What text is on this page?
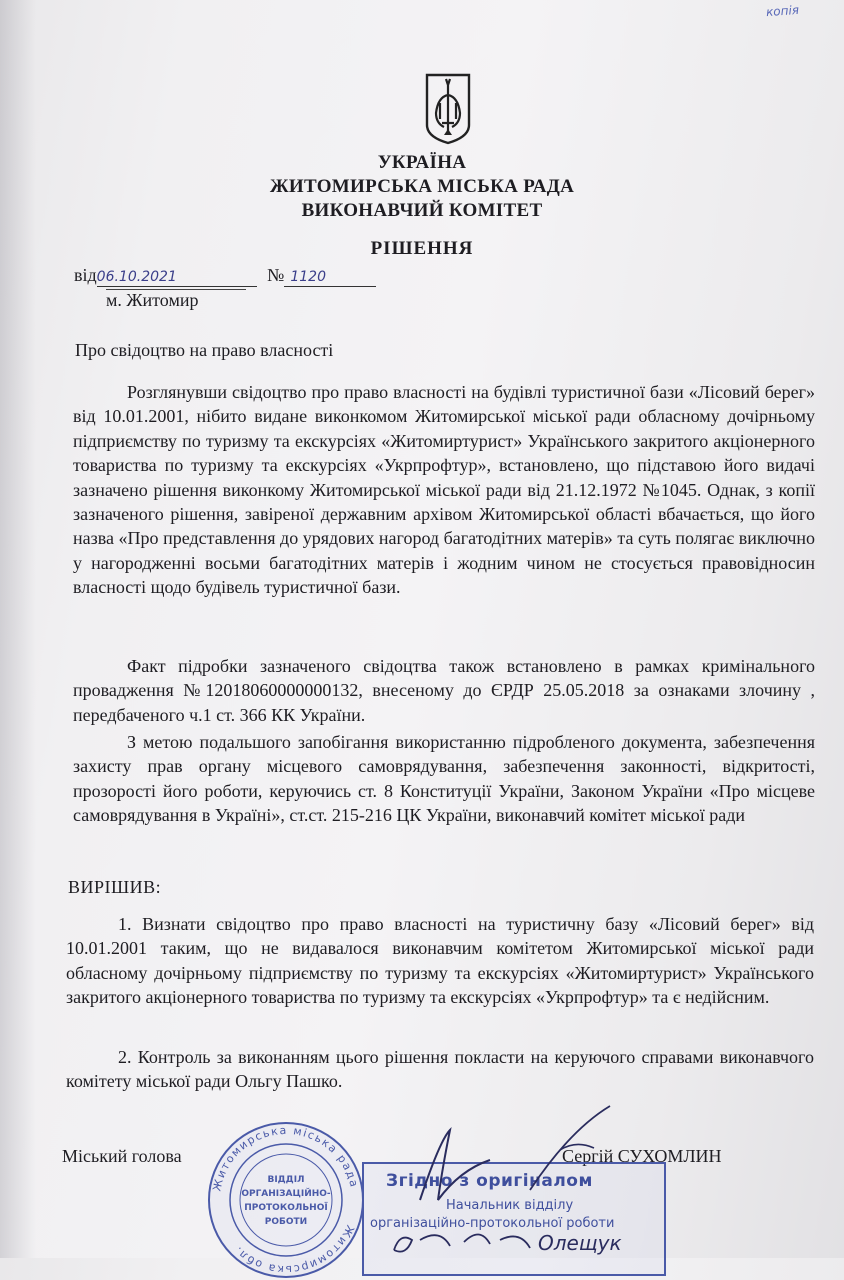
копія
УКРАЇНА
ЖИТОМИРСЬКА МІСЬКА РАДА
ВИКОНАВЧИЙ КОМІТЕТ
РІШЕННЯ
від06.10.2021	№ 1120
м. Житомир
Про свідоцтво на право власності

Розглянувши свідоцтво про право власності на будівлі туристичної бази «Лісовий берег» від 10.01.2001, нібито видане виконкомом Житомирської міської ради обласному дочірньому підприємству по туризму та екскурсіях «Житомиртурист» Українського закритого акціонерного товариства по туризму та екскурсіях «Укрпрофтур», встановлено, що підставою його видачі зазначено рішення виконкому Житомирської міської ради від 21.12.1972 №1045. Однак, з копії зазначеного рішення, завіреної державним архівом Житомирської області вбачається, що його назва «Про представлення до урядових нагород багатодітних матерів» та суть полягає виключно у нагородженні восьми багатодітних матерів і жодним чином не стосується правовідносин власності щодо будівель туристичної бази.

Факт підробки зазначеного свідоцтва також встановлено в рамках кримінального провадження №12018060000000132, внесеному до ЄРДР 25.05.2018 за ознаками злочину , передбаченого ч.1 ст. 366 КК України.

З метою подальшого запобігання використанню підробленого документа, забезпечення захисту прав органу місцевого самоврядування, забезпечення законності, відкритості, прозорості його роботи, керуючись ст. 8 Конституції України, Законом України «Про місцеве самоврядування в Україні», ст.ст. 215-216 ЦК України, виконавчий комітет міської ради

ВИРІШИВ:

1. Визнати свідоцтво про право власності на туристичну базу «Лісовий берег» від 10.01.2001 таким, що не видавалося виконавчим комітетом Житомирської міської ради обласному дочірньому підприємству по туризму та екскурсіях «Житомиртурист» Українського закритого акціонерного товариства по туризму та екскурсіях «Укрпрофтур» та є недійсним.

2. Контроль за виконанням цього рішення покласти на керуючого справами виконавчого комітету міської ради Ольгу Пашко.

Міський голова	Сергій СУХОМЛИН
Житомирська міська рада
Житомирська обл.
ВІДДІЛ
ОРГАНІЗАЦІЙНО-
ПРОТОКОЛЬНОЇ
РОБОТИ
Згідно з оригіналом
Начальник відділу
організаційно-протокольної роботи
Олещук
